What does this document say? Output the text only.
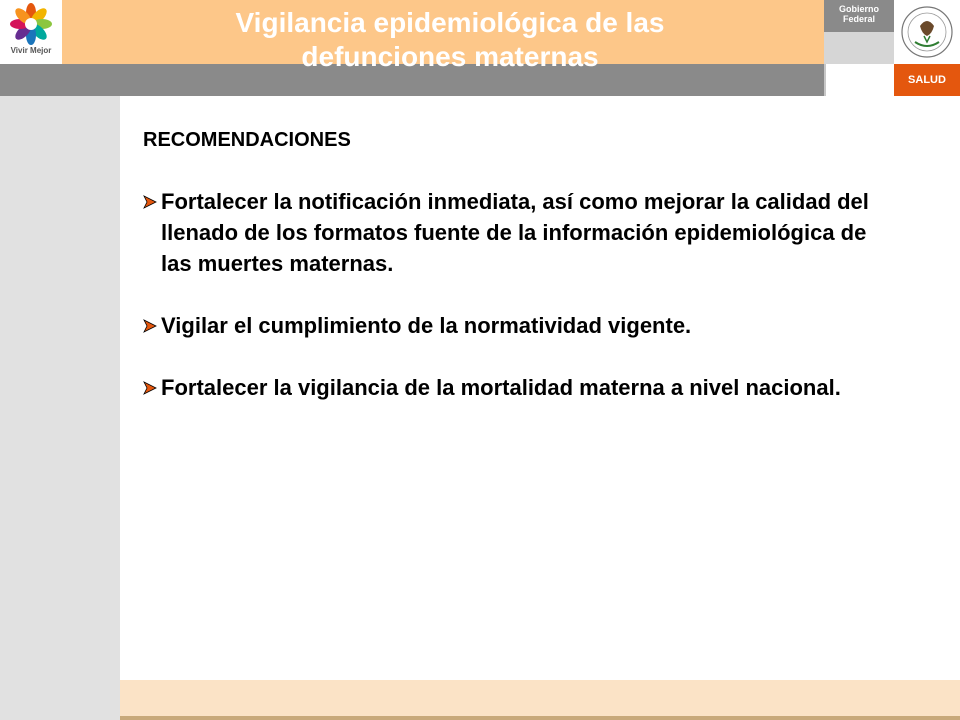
Vivir Mejor
Vigilancia epidemiológica de las
defunciones maternas
Gobierno
Federal
SALUD
RECOMENDACIONES
Fortalecer la notificación inmediata, así como mejorar la calidad del llenado de los formatos fuente de la información epidemiológica de las muertes maternas.
Vigilar el cumplimiento de la normatividad vigente.
Fortalecer la vigilancia de la mortalidad materna a nivel nacional.
